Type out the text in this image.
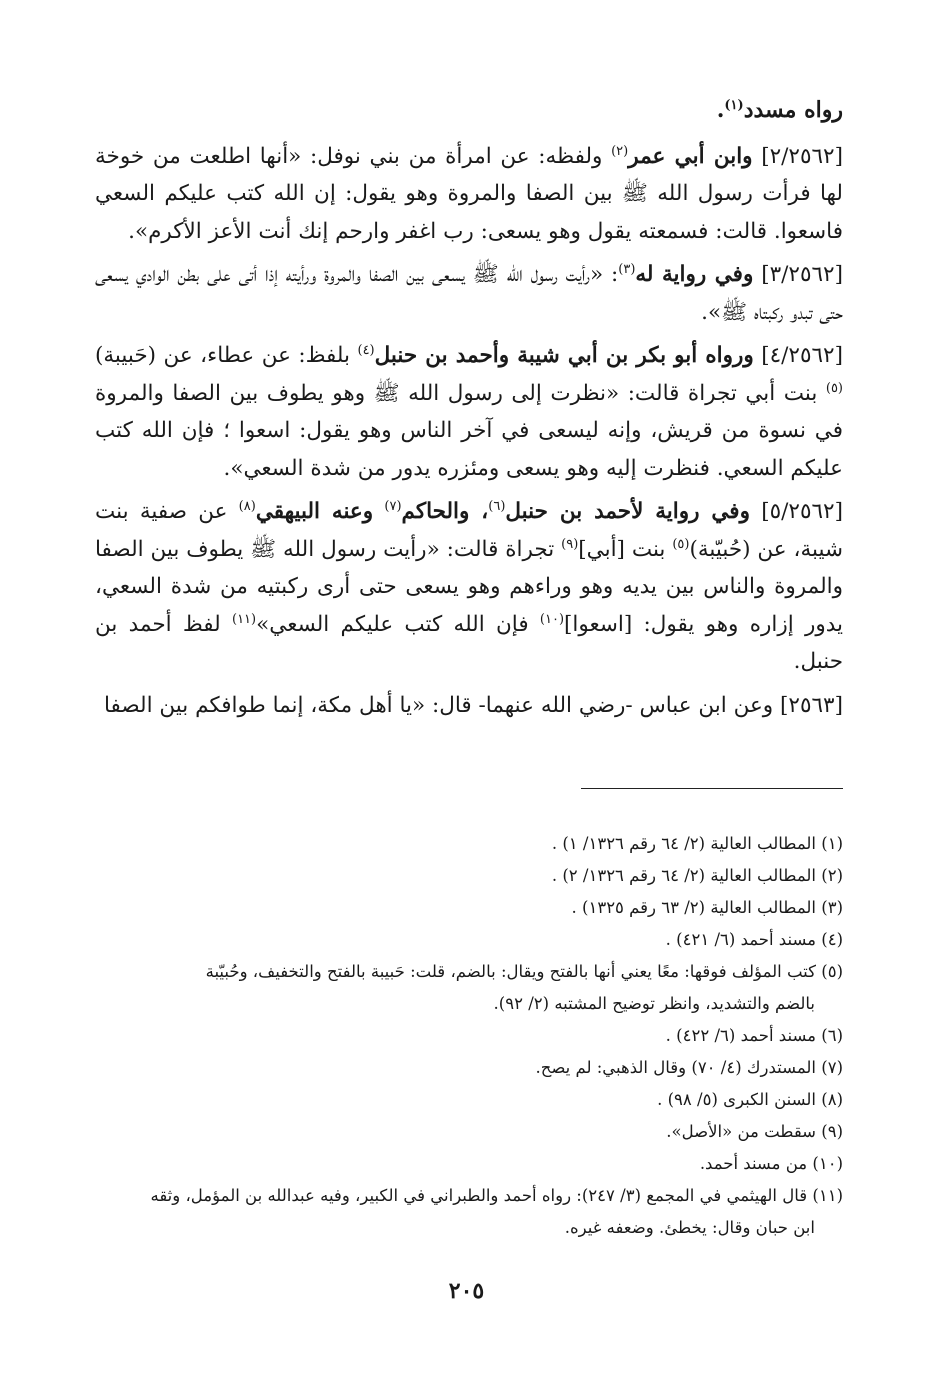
رواه مسدد$^{(١)}$.

[٢/٢٥٦٢] وابن أبي عمر$^{(٢)}$ ولفظه: عن امرأة من بني نوفل: «أنها اطلعت من خوخة لها فرأت رسول الله ﷺ بين الصفا والمروة وهو يقول: إن الله كتب عليكم السعي فاسعوا. قالت: فسمعته يقول وهو يسعى: رب اغفر وارحم إنك أنت الأعز الأكرم».

[٣/٢٥٦٢] وفي رواية له$^{(٣)}$: «رأيت رسول الله ﷺ يسعى بين الصفا والمروة ورأيته إذا أتى على بطن الوادي يسعى حتى تبدو ركبتاه ﷺ».

[٤/٢٥٦٢] ورواه أبو بكر بن أبي شيبة وأحمد بن حنبل$^{(٤)}$ بلفظ: عن عطاء، عن (حَبيبة)$^{(٥)}$ بنت أبي تجراة قالت: «نظرت إلى رسول الله ﷺ وهو يطوف بين الصفا والمروة في نسوة من قريش، وإنه ليسعى في آخر الناس وهو يقول: اسعوا ؛ فإن الله كتب عليكم السعي. فنظرت إليه وهو يسعى ومئزره يدور من شدة السعي».

[٥/٢٥٦٢] وفي رواية لأحمد بن حنبل$^{(٦)}$، والحاكم$^{(٧)}$ وعنه البيهقي$^{(٨)}$ عن صفية بنت شيبة، عن (حُبيّبة)$^{(٥)}$ بنت [أبي]$^{(٩)}$ تجراة قالت: «رأيت رسول الله ﷺ يطوف بين الصفا والمروة والناس بين يديه وهو وراءهم وهو يسعى حتى أرى ركبتيه من شدة السعي، يدور إزاره وهو يقول: [اسعوا]$^{(١٠)}$ فإن الله كتب عليكم السعي»$^{(١١)}$ لفظ أحمد بن حنبل.

[٢٥٦٣] وعن ابن عباس -رضي الله عنهما- قال: «يا أهل مكة، إنما طوافكم بين الصفا

(١) المطالب العالية (٢/ ٦٤ رقم ١٣٢٦/ ١) .

(٢) المطالب العالية (٢/ ٦٤ رقم ١٣٢٦/ ٢) .

(٣) المطالب العالية (٢/ ٦٣ رقم ١٣٢٥) .

(٤) مسند أحمد (٦/ ٤٢١) .

(٥) كتب المؤلف فوقها: معًا يعني أنها بالفتح ويقال: بالضم، قلت: حَبيبة بالفتح والتخفيف، وحُبيّبة
بالضم والتشديد، وانظر توضيح المشتبه (٢/ ٩٢).

(٦) مسند أحمد (٦/ ٤٢٢) .

(٧) المستدرك (٤/ ٧٠) وقال الذهبي: لم يصح.

(٨) السنن الكبرى (٥/ ٩٨) .

(٩) سقطت من «الأصل».

(١٠) من مسند أحمد.

(١١) قال الهيثمي في المجمع (٣/ ٢٤٧): رواه أحمد والطبراني في الكبير، وفيه عبدالله بن المؤمل، وثقه
ابن حبان وقال: يخطئ. وضعفه غيره.

٢٠٥
